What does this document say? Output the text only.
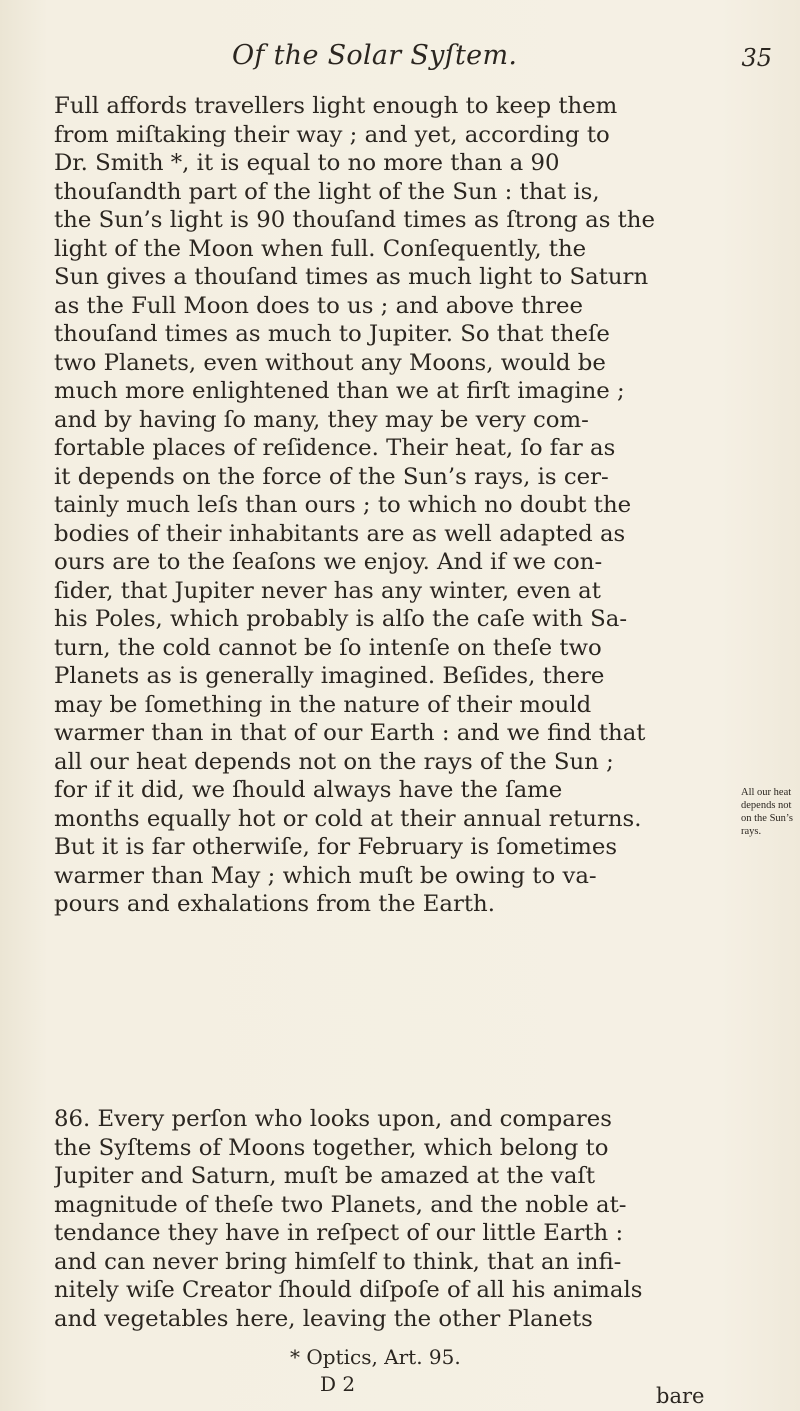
Of the Solar Syſtem.	35
Full affords travellers light enough to keep them
from miſtaking their way ; and yet, according to
Dr. Smith *, it is equal to no more than a 90
thouſandth part of the light of the Sun : that is,
the Sun’s light is 90 thouſand times as ſtrong as the
light of the Moon when full. Conſequently, the
Sun gives a thouſand times as much light to Saturn
as the Full Moon does to us ; and above three
thouſand times as much to Jupiter. So that theſe
two Planets, even without any Moons, would be
much more enlightened than we at firſt imagine ;
and by having ſo many, they may be very com-
fortable places of reſidence. Their heat, ſo far as
it depends on the force of the Sun’s rays, is cer-
tainly much leſs than ours ; to which no doubt the
bodies of their inhabitants are as well adapted as
ours are to the ſeaſons we enjoy. And if we con-
ſider, that Jupiter never has any winter, even at
his Poles, which probably is alſo the caſe with Sa-
turn, the cold cannot be ſo intenſe on theſe two
Planets as is generally imagined. Beſides, there
may be ſomething in the nature of their mould
warmer than in that of our Earth : and we find that
all our heat depends not on the rays of the Sun ;
for if it did, we ſhould always have the ſame
months equally hot or cold at their annual returns.
But it is far otherwiſe, for February is ſometimes
warmer than May ; which muſt be owing to va-
pours and exhalations from the Earth.
All our heat
depends not
on the Sun’s
rays.
86. Every perſon who looks upon, and compares
the Syſtems of Moons together, which belong to
Jupiter and Saturn, muſt be amazed at the vaſt
magnitude of theſe two Planets, and the noble at-
tendance they have in reſpect of our little Earth :
and can never bring himſelf to think, that an infi-
nitely wiſe Creator ſhould diſpoſe of all his animals
and vegetables here, leaving the other Planets
* Optics, Art. 95.
D 2	bare
